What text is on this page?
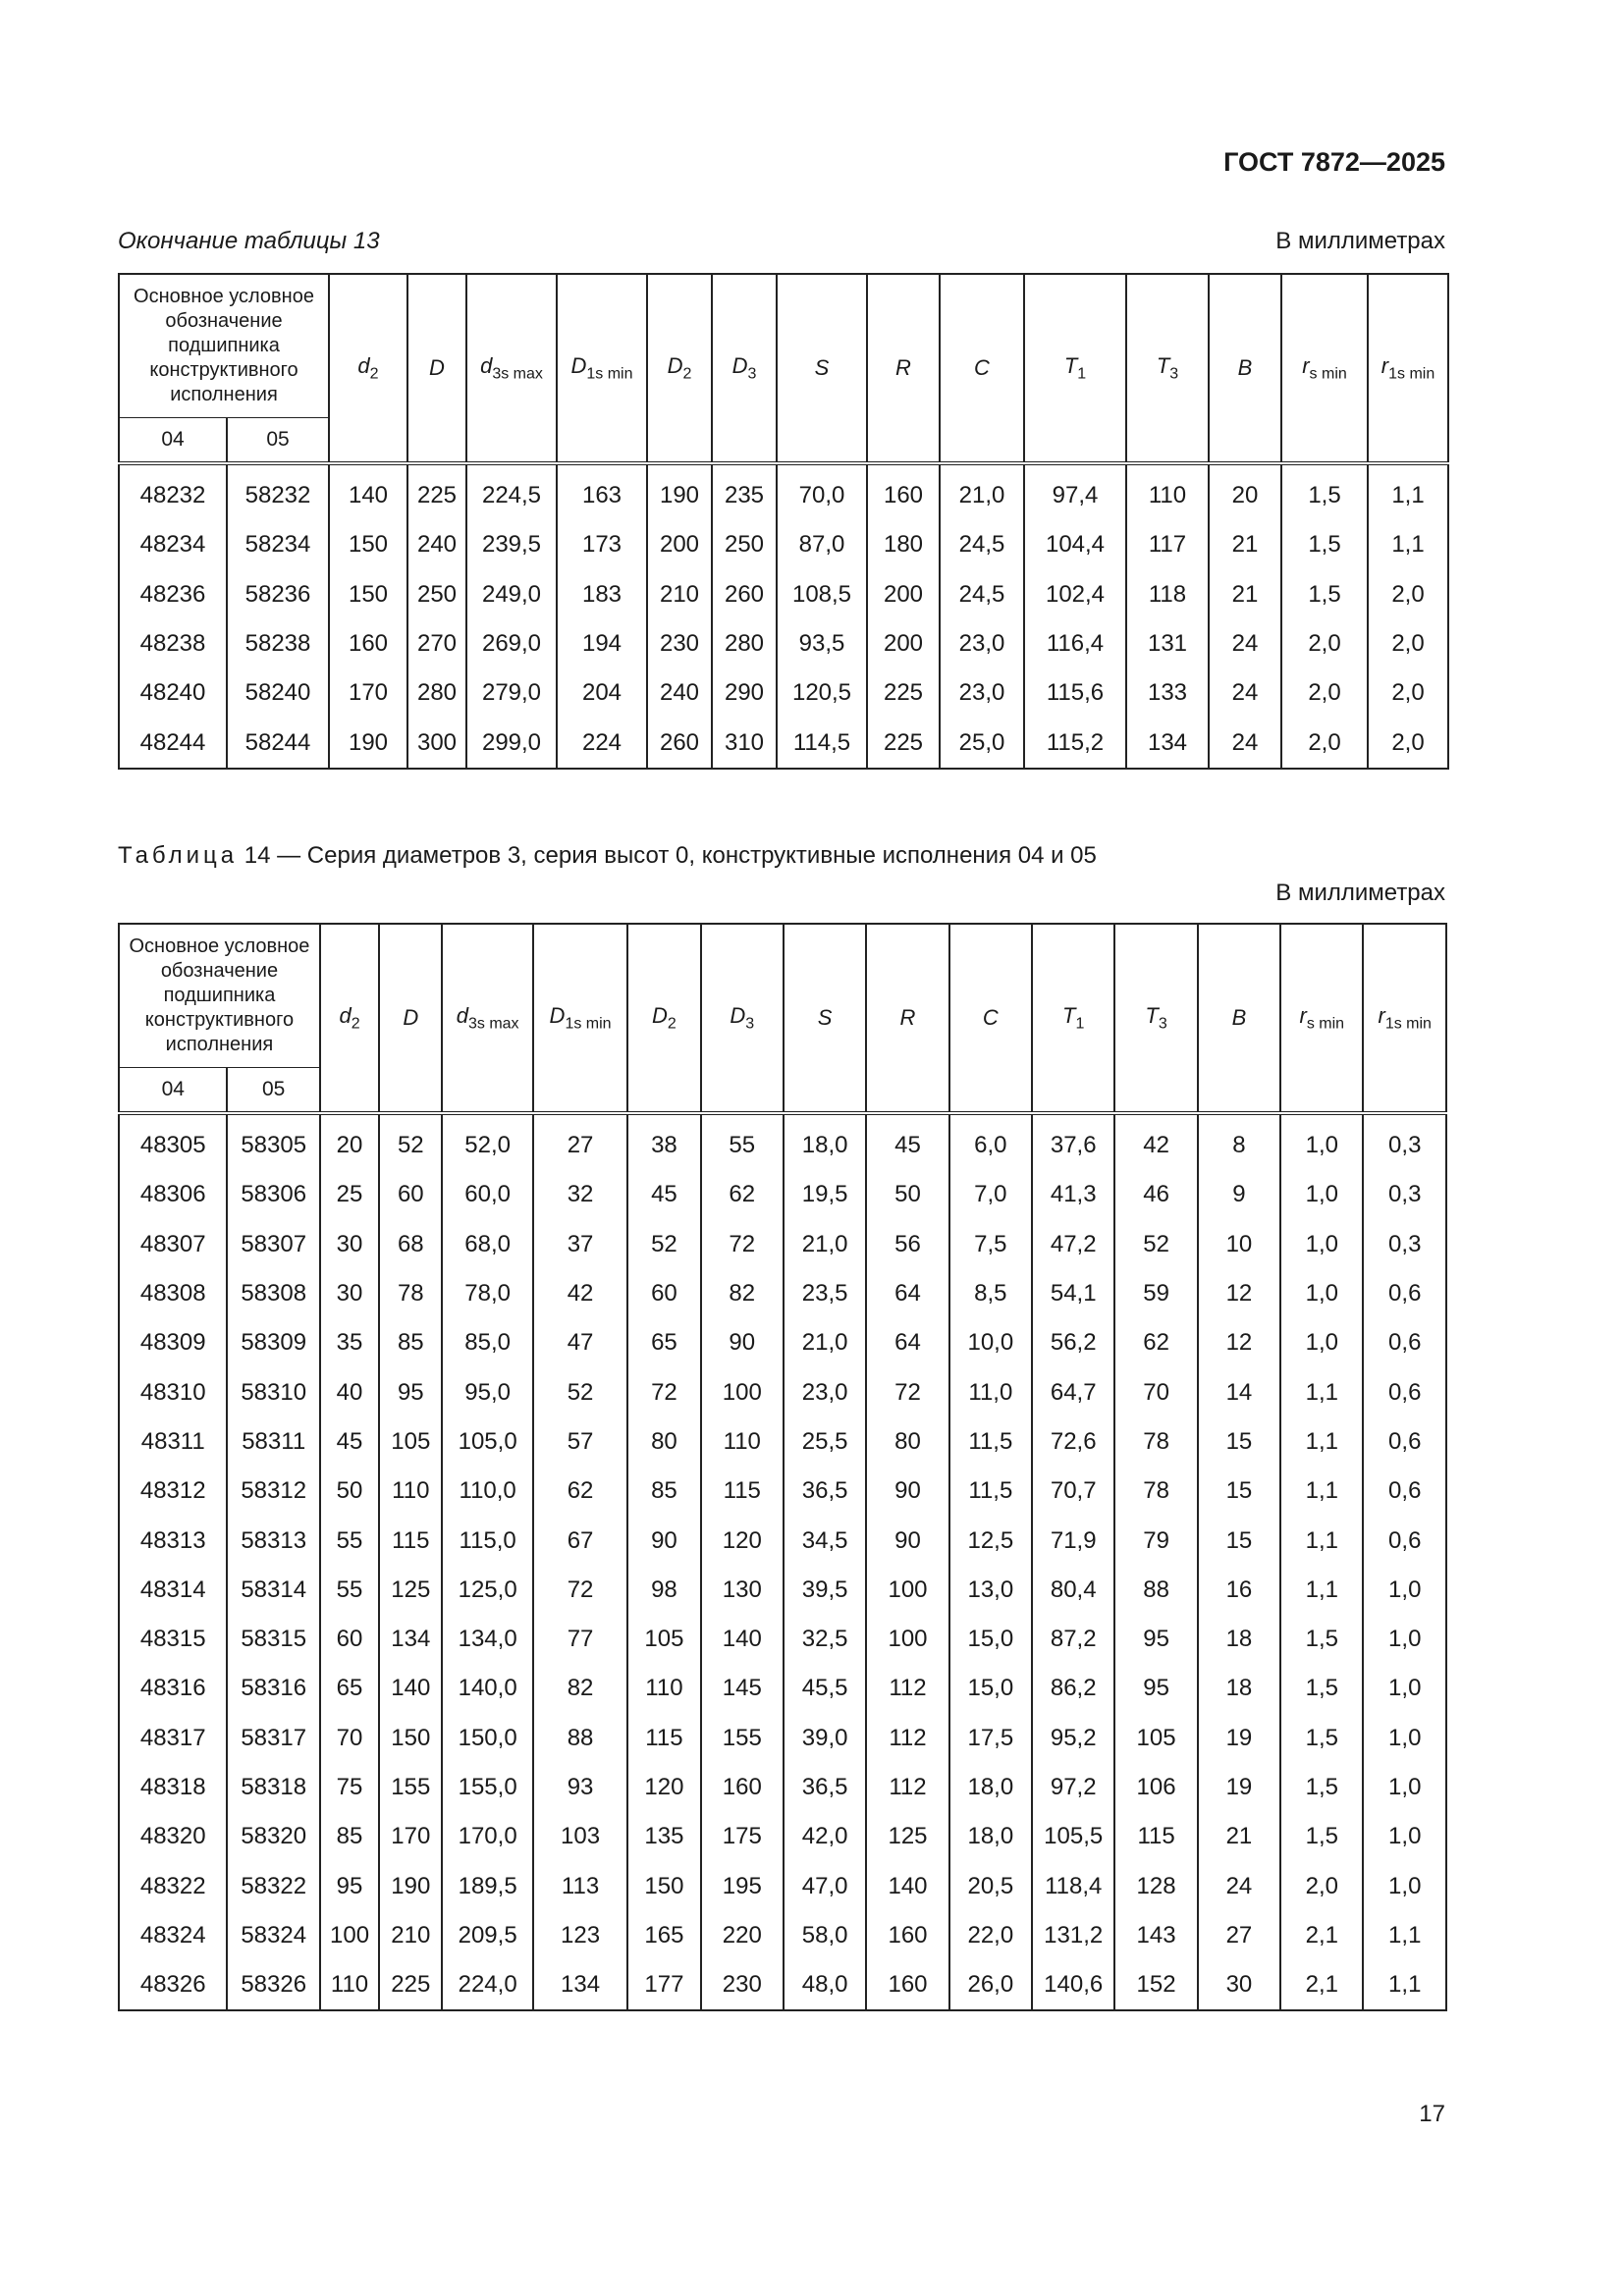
ГОСТ 7872—2025
Окончание таблицы 13	В миллиметрах
Основное условное обозначение подшипника конструктивного исполнения		$d_2$	D	$d_{3s max}$	$D_{1s min}$	$D_2$	$D_3$	S	R	C	$T_1$	$T_3$	B	$r_{s min}$	$r_{1s min}$
04	05														
48232	58232	140	225	224,5	163	190	235	70,0	160	21,0	97,4	110	20	1,5	1,1
48234	58234	150	240	239,5	173	200	250	87,0	180	24,5	104,4	117	21	1,5	1,1
48236	58236	150	250	249,0	183	210	260	108,5	200	24,5	102,4	118	21	1,5	2,0
48238	58238	160	270	269,0	194	230	280	93,5	200	23,0	116,4	131	24	2,0	2,0
48240	58240	170	280	279,0	204	240	290	120,5	225	23,0	115,6	133	24	2,0	2,0
48244	58244	190	300	299,0	224	260	310	114,5	225	25,0	115,2	134	24	2,0	2,0
Таблица 14 — Серия диаметров 3, серия высот 0, конструктивные исполнения 04 и 05
В миллиметрах
Основное условное обозначение подшипника конструктивного исполнения		$d_2$	D	$d_{3s max}$	$D_{1s min}$	$D_2$	$D_3$	S	R	C	$T_1$	$T_3$	B	$r_{s min}$	$r_{1s min}$
04	05														
48305	58305	20	52	52,0	27	38	55	18,0	45	6,0	37,6	42	8	1,0	0,3
48306	58306	25	60	60,0	32	45	62	19,5	50	7,0	41,3	46	9	1,0	0,3
48307	58307	30	68	68,0	37	52	72	21,0	56	7,5	47,2	52	10	1,0	0,3
48308	58308	30	78	78,0	42	60	82	23,5	64	8,5	54,1	59	12	1,0	0,6
48309	58309	35	85	85,0	47	65	90	21,0	64	10,0	56,2	62	12	1,0	0,6
48310	58310	40	95	95,0	52	72	100	23,0	72	11,0	64,7	70	14	1,1	0,6
48311	58311	45	105	105,0	57	80	110	25,5	80	11,5	72,6	78	15	1,1	0,6
48312	58312	50	110	110,0	62	85	115	36,5	90	11,5	70,7	78	15	1,1	0,6
48313	58313	55	115	115,0	67	90	120	34,5	90	12,5	71,9	79	15	1,1	0,6
48314	58314	55	125	125,0	72	98	130	39,5	100	13,0	80,4	88	16	1,1	1,0
48315	58315	60	134	134,0	77	105	140	32,5	100	15,0	87,2	95	18	1,5	1,0
48316	58316	65	140	140,0	82	110	145	45,5	112	15,0	86,2	95	18	1,5	1,0
48317	58317	70	150	150,0	88	115	155	39,0	112	17,5	95,2	105	19	1,5	1,0
48318	58318	75	155	155,0	93	120	160	36,5	112	18,0	97,2	106	19	1,5	1,0
48320	58320	85	170	170,0	103	135	175	42,0	125	18,0	105,5	115	21	1,5	1,0
48322	58322	95	190	189,5	113	150	195	47,0	140	20,5	118,4	128	24	2,0	1,0
48324	58324	100	210	209,5	123	165	220	58,0	160	22,0	131,2	143	27	2,1	1,1
48326	58326	110	225	224,0	134	177	230	48,0	160	26,0	140,6	152	30	2,1	1,1
17
